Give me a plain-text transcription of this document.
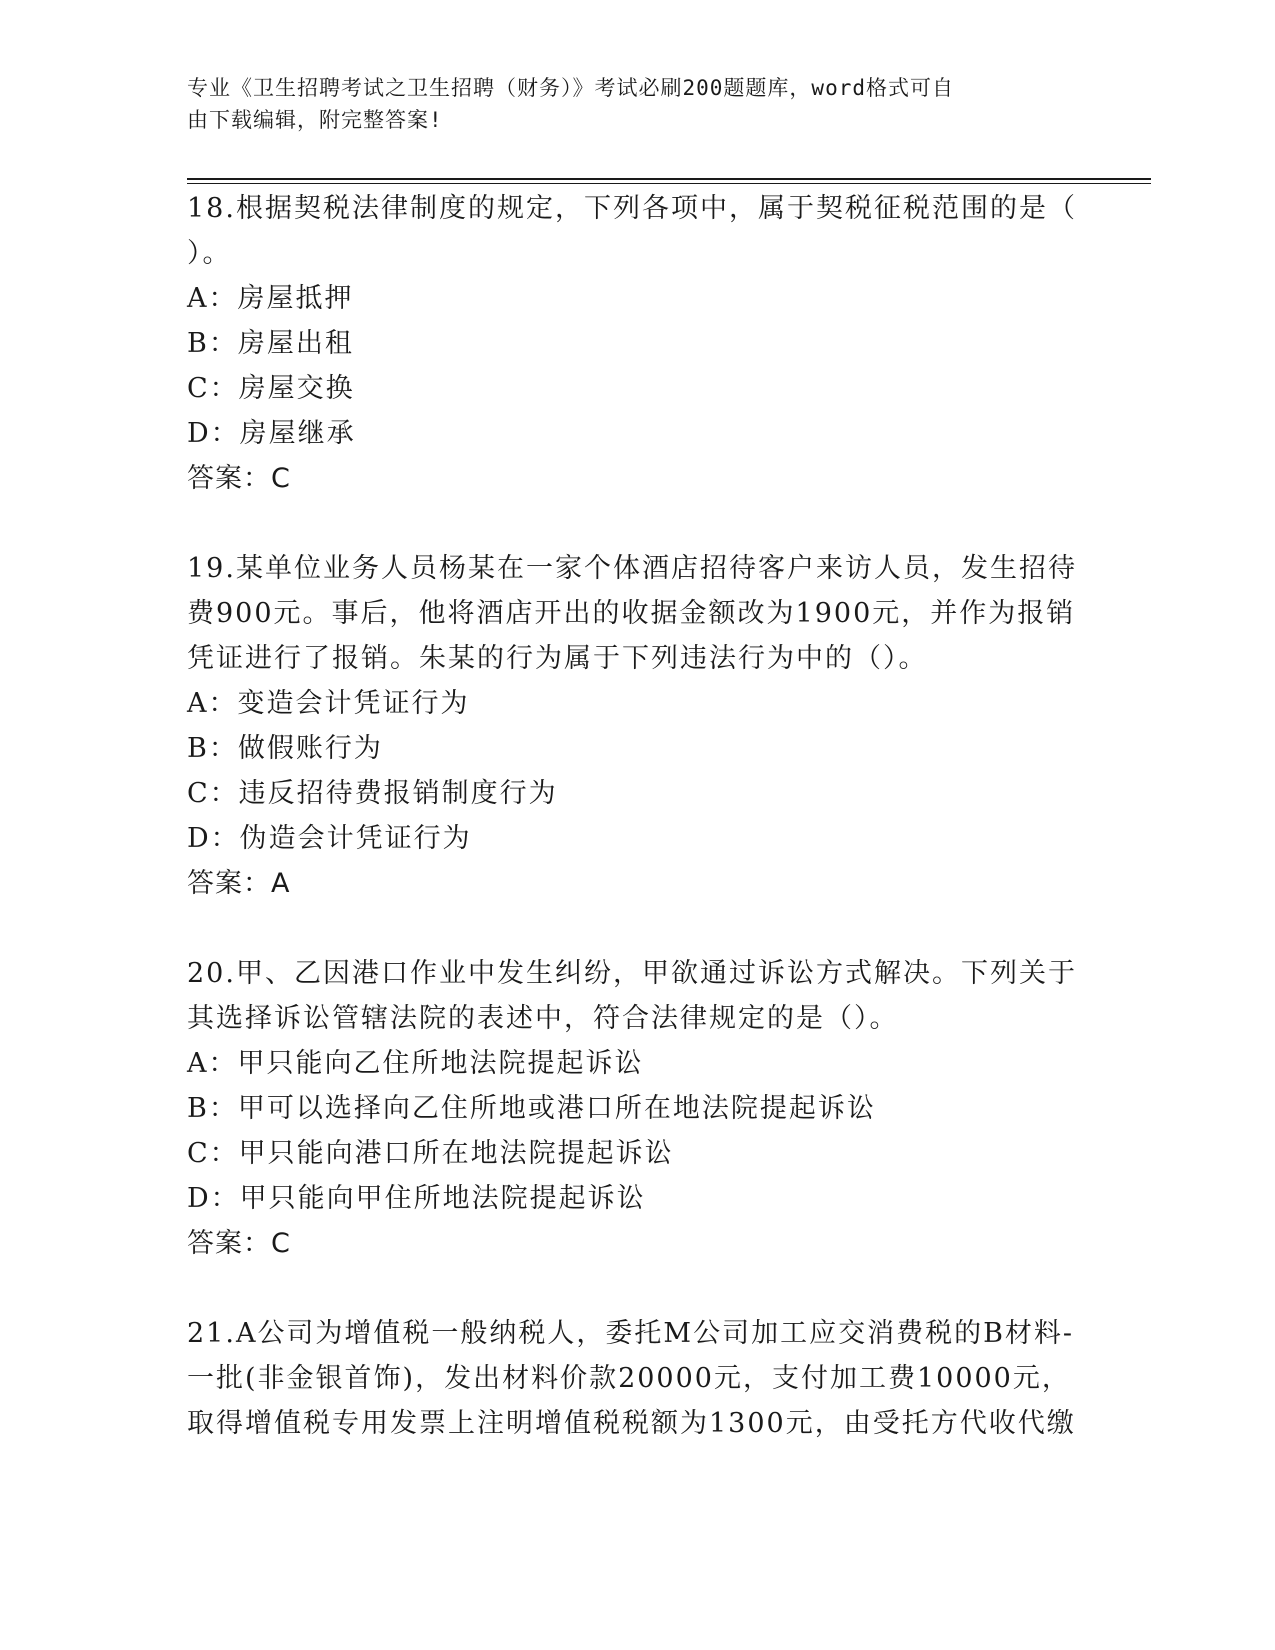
专业《卫生招聘考试之卫生招聘（财务）》考试必刷200题题库，word格式可自
由下载编辑，附完整答案!
18.根据契税法律制度的规定，下列各项中，属于契税征税范围的是（
）。
A：房屋抵押
B：房屋出租
C：房屋交换
D：房屋继承
答案：C
19.某单位业务人员杨某在一家个体酒店招待客户来访人员，发生招待
费900元。事后，他将酒店开出的收据金额改为1900元，并作为报销
凭证进行了报销。朱某的行为属于下列违法行为中的（）。
A：变造会计凭证行为
B：做假账行为
C：违反招待费报销制度行为
D：伪造会计凭证行为
答案：A
20.甲、乙因港口作业中发生纠纷，甲欲通过诉讼方式解决。下列关于
其选择诉讼管辖法院的表述中，符合法律规定的是（）。
A：甲只能向乙住所地法院提起诉讼
B：甲可以选择向乙住所地或港口所在地法院提起诉讼
C：甲只能向港口所在地法院提起诉讼
D：甲只能向甲住所地法院提起诉讼
答案：C
21.A公司为增值税一般纳税人，委托M公司加工应交消费税的B材料-
一批(非金银首饰)，发出材料价款20000元，支付加工费10000元，
取得增值税专用发票上注明增值税税额为1300元，由受托方代收代缴
